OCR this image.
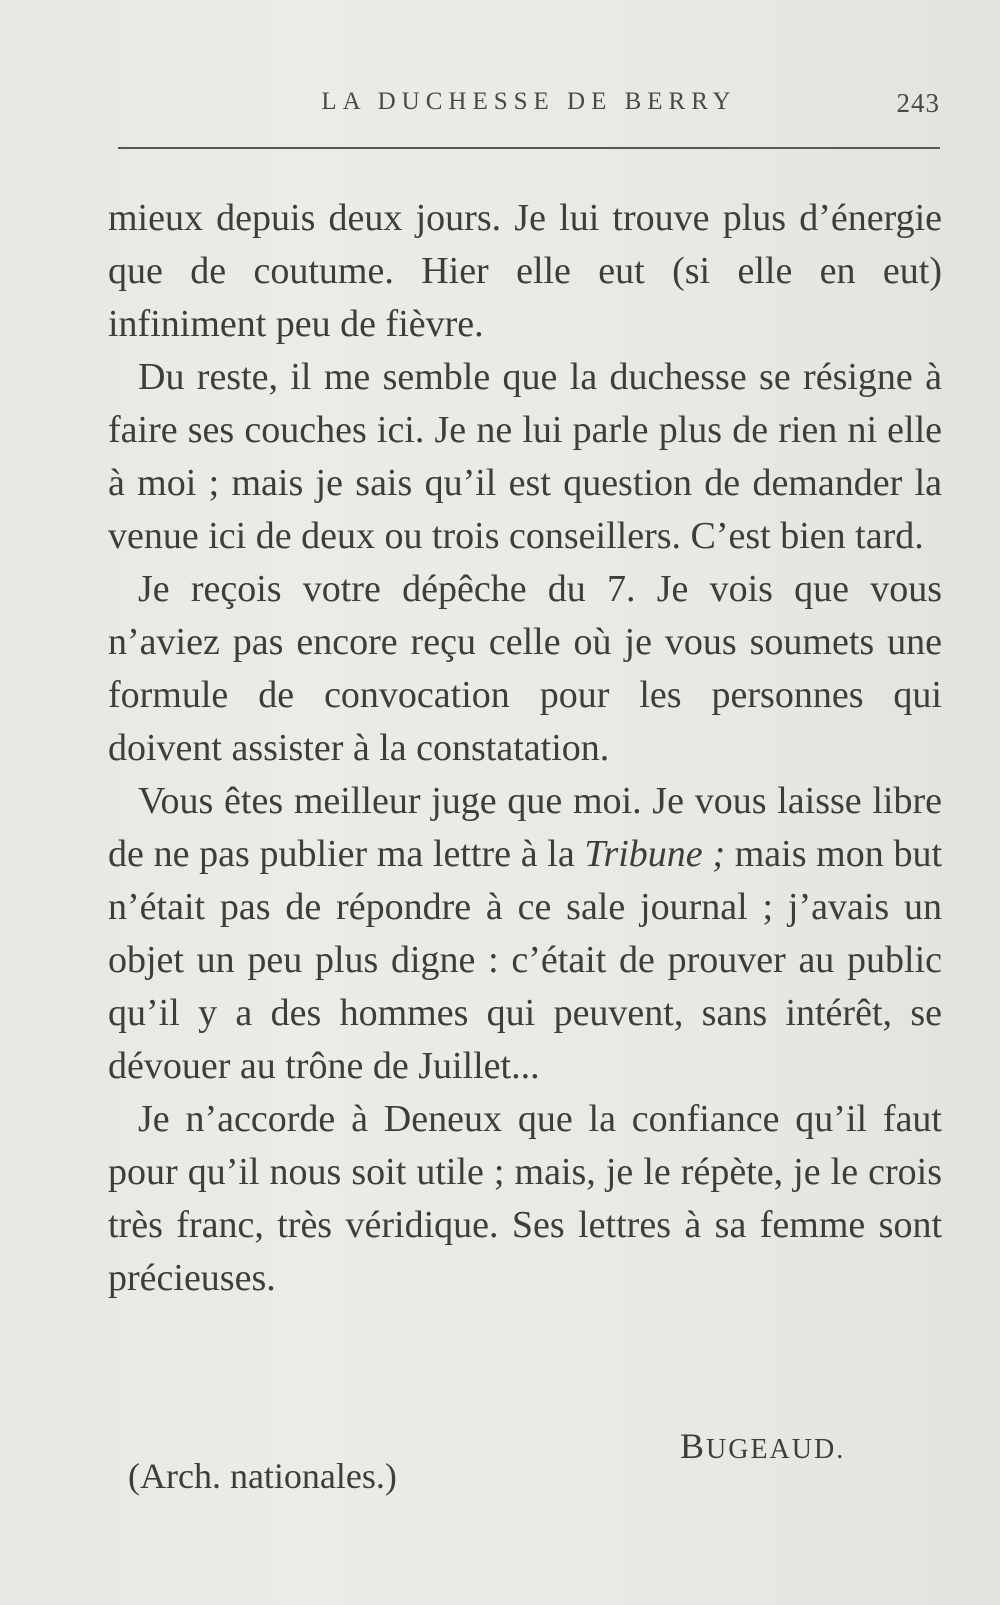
LA DUCHESSE DE BERRY	243

mieux depuis deux jours. Je lui trouve plus d’énergie que de coutume. Hier elle eut (si elle en eut) infiniment peu de fièvre.

Du reste, il me semble que la duchesse se résigne à faire ses couches ici. Je ne lui parle plus de rien ni elle à moi ; mais je sais qu’il est question de demander la venue ici de deux ou trois conseillers. C’est bien tard.

Je reçois votre dépêche du 7. Je vois que vous n’aviez pas encore reçu celle où je vous soumets une formule de convocation pour les personnes qui doivent assister à la constatation.

Vous êtes meilleur juge que moi. Je vous laisse libre de ne pas publier ma lettre à la Tribune ; mais mon but n’était pas de répondre à ce sale journal ; j’avais un objet un peu plus digne : c’était de prouver au public qu’il y a des hommes qui peuvent, sans intérêt, se dévouer au trône de Juillet...

Je n’accorde à Deneux que la confiance qu’il faut pour qu’il nous soit utile ; mais, je le répète, je le crois très franc, très véridique. Ses lettres à sa femme sont précieuses.

BUGEAUD.
(Arch. nationales.)
